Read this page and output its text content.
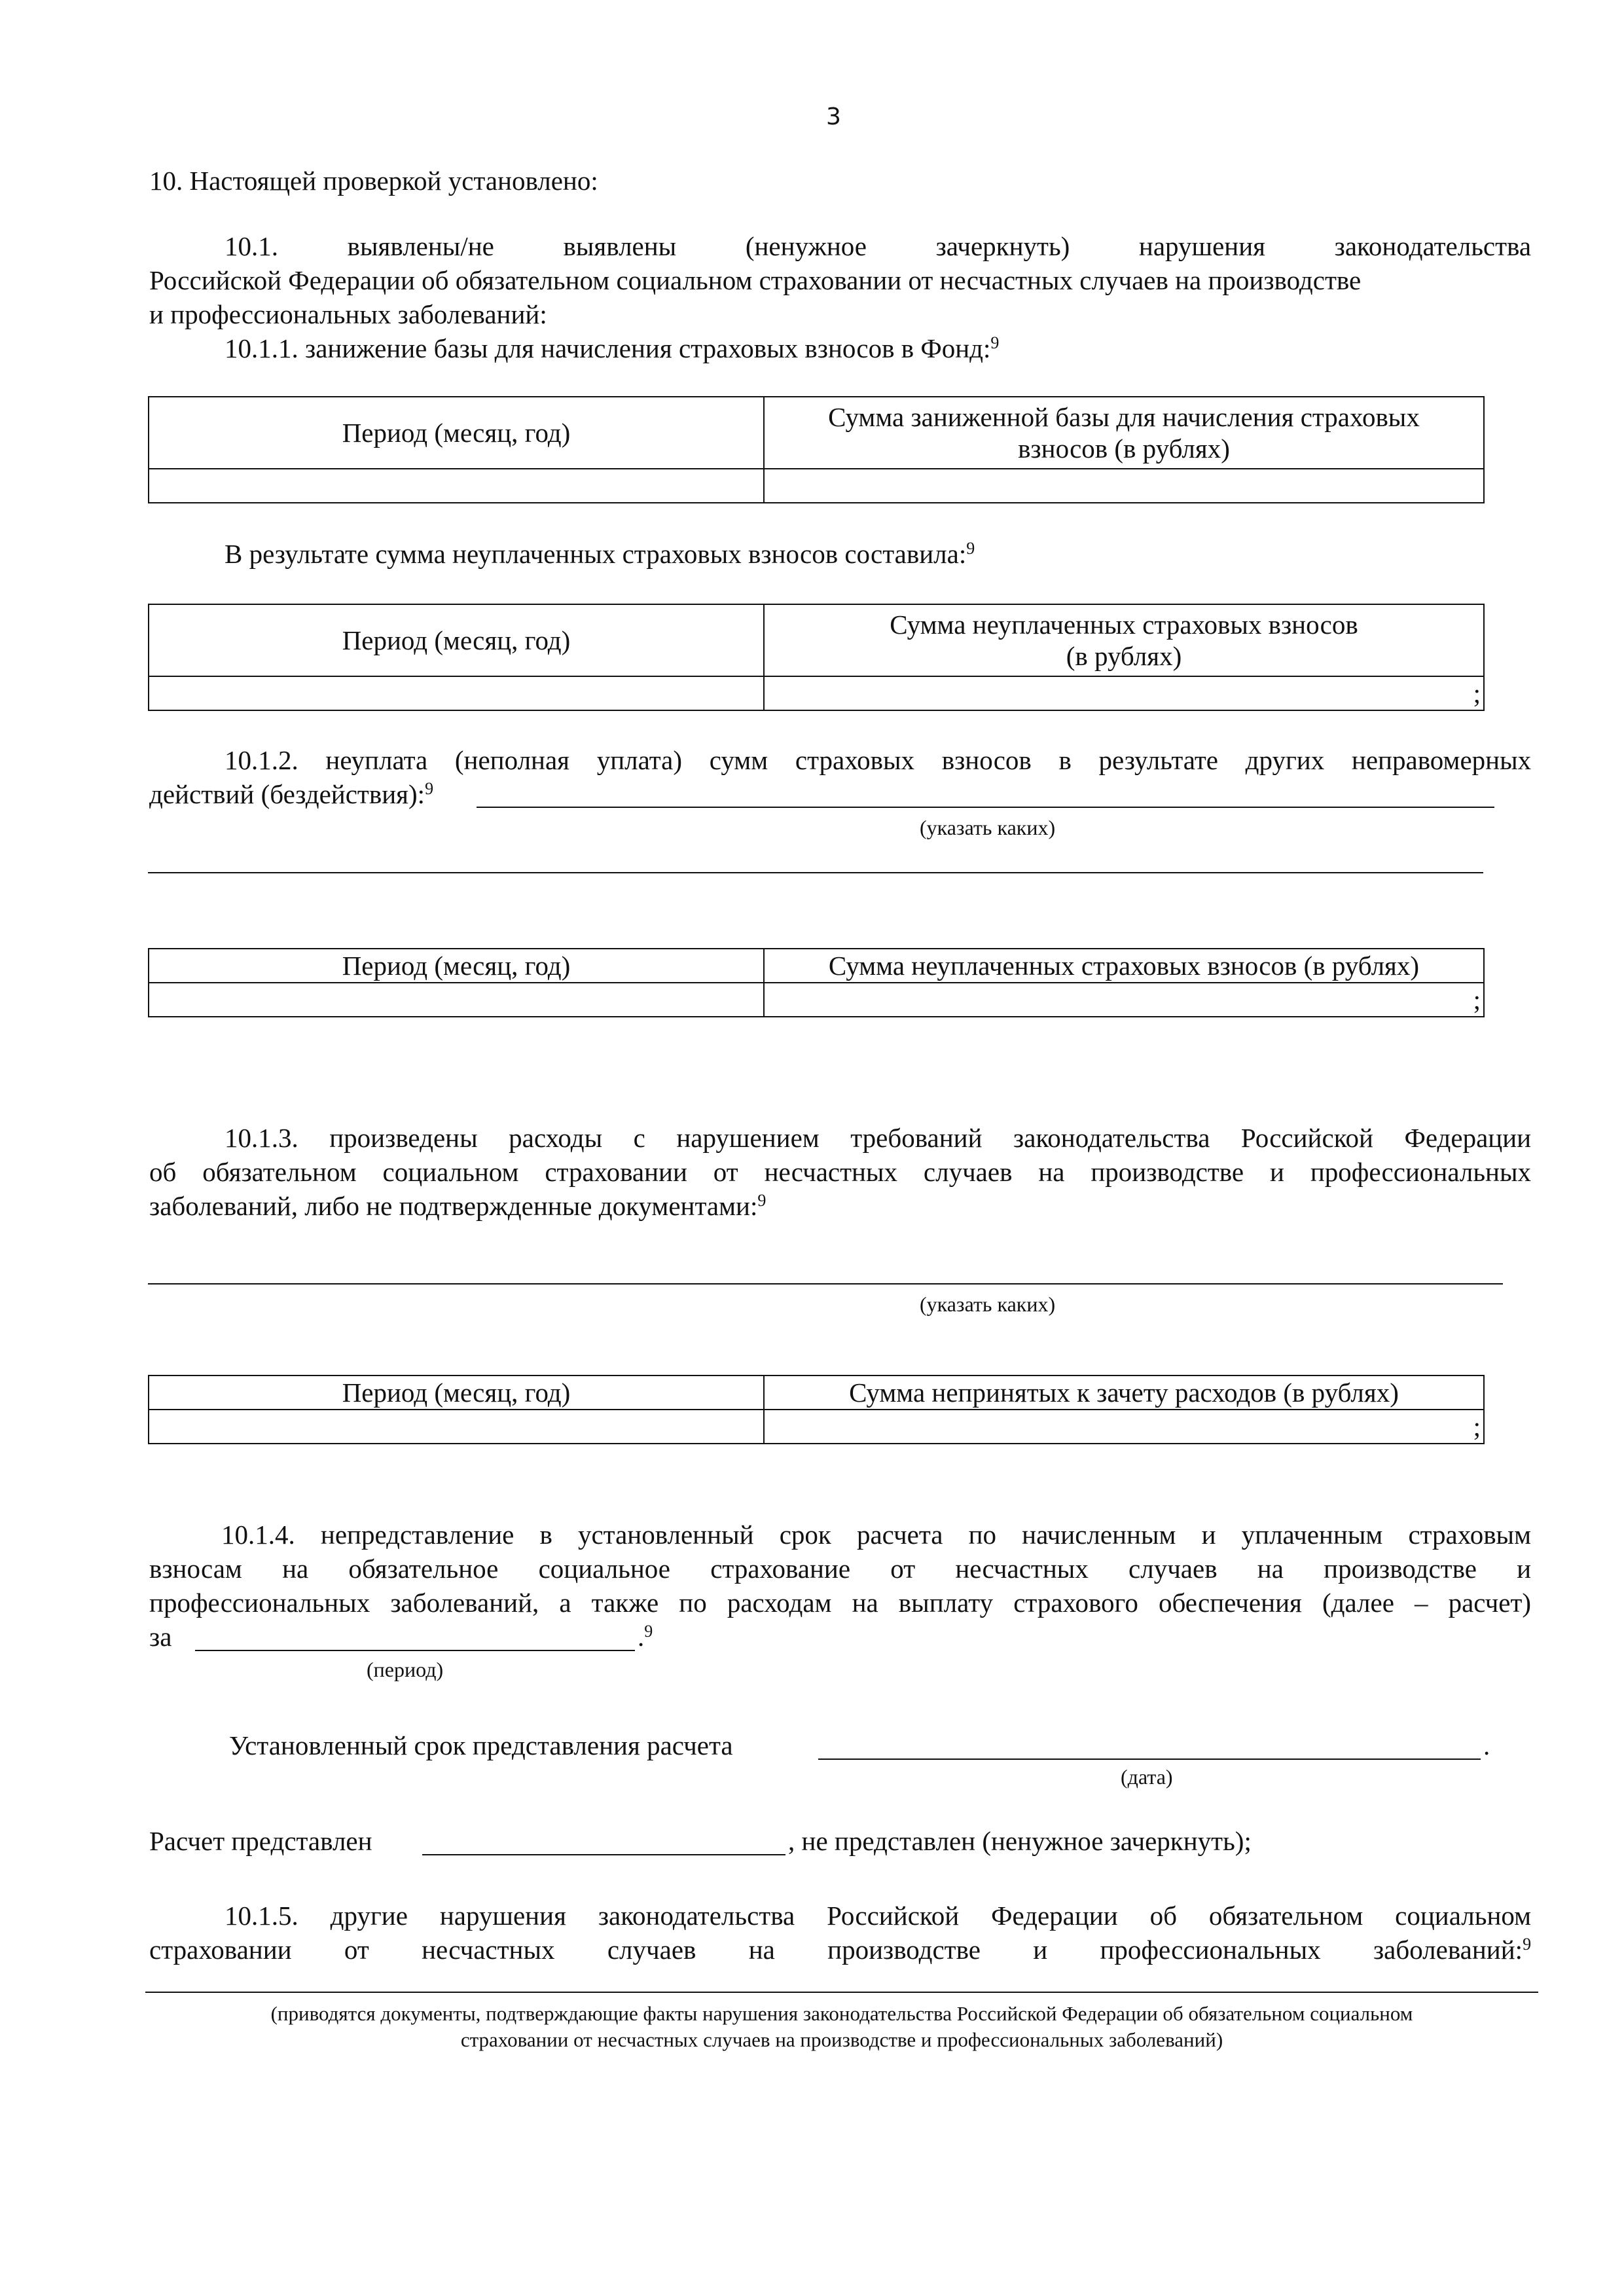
3
10. Настоящей проверкой установлено:
10.1.	выявлены/не	выявлены	(ненужное	зачеркнуть)	нарушения	законодательства
Российской Федерации об обязательном социальном страховании от несчастных случаев на производстве
и профессиональных заболеваний:
10.1.1. занижение базы для начисления страховых взносов в Фонд:$^9$
Период (месяц, год)	Сумма заниженной базы для начисления страховых
взносов (в рублях)

В результате сумма неуплаченных страховых взносов составила:$^9$
Период (месяц, год)	Сумма неуплаченных страховых взносов
(в рублях)

	;
10.1.2. неуплата (неполная уплата) сумм страховых взносов в результате других неправомерных
действий (бездействия):$^9$
(указать каких)
Период (месяц, год)	Сумма неуплаченных страховых взносов (в рублях)

	;
10.1.3. произведены расходы с нарушением требований законодательства Российской Федерации
об обязательном социальном страховании от несчастных случаев на производстве и профессиональных
заболеваний, либо не подтвержденные документами:$^9$
(указать каких)
Период (месяц, год)	Сумма непринятых к зачету расходов (в рублях)

	;
10.1.4. непредставление в установленный срок расчета по начисленным и уплаченным страховым
взносам на обязательное социальное страхование от несчастных случаев на производстве и
профессиональных заболеваний, а также по расходам на выплату страхового обеспечения (далее – расчет)
за	.$^9$
(период)
Установленный срок представления расчета	.
(дата)
Расчет представлен	, не представлен (ненужное зачеркнуть);
10.1.5. другие нарушения законодательства Российской Федерации об обязательном социальном
страховании от несчастных случаев на производстве и профессиональных заболеваний:$^9$
(приводятся документы, подтверждающие факты нарушения законодательства Российской Федерации об обязательном социальном
страховании от несчастных случаев на производстве и профессиональных заболеваний)
